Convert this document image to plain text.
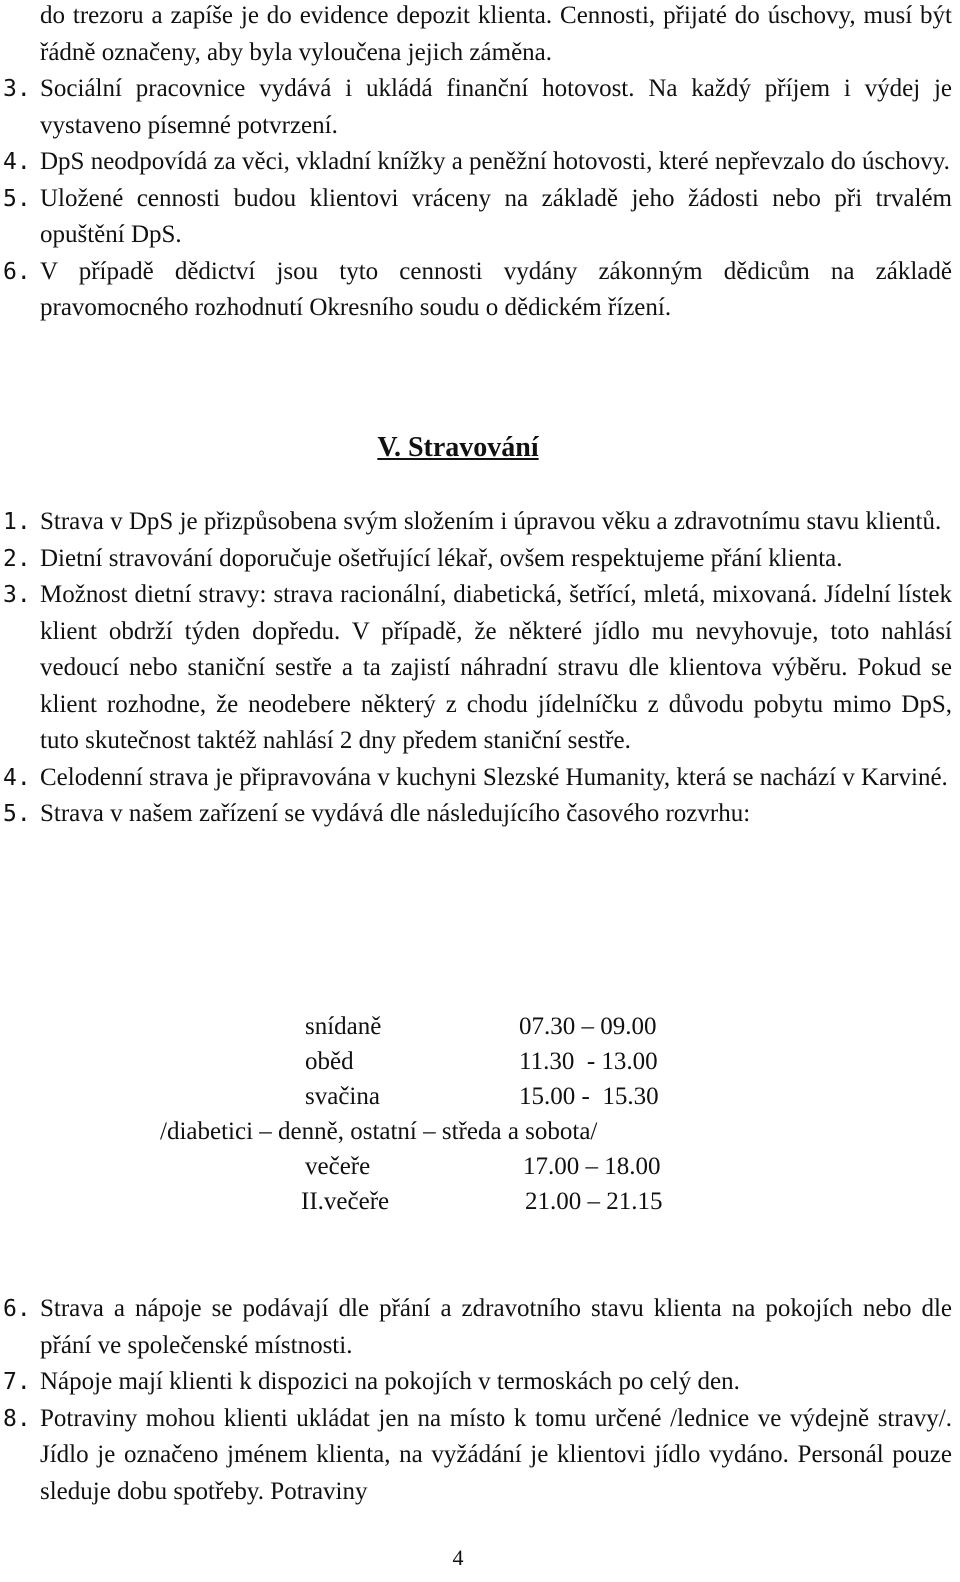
do trezoru a zapíše je do evidence depozit klienta. Cennosti, přijaté do úschovy, musí být řádně označeny, aby byla vyloučena jejich záměna.
3. Sociální pracovnice vydává i ukládá finanční hotovost. Na každý příjem i výdej je vystaveno písemné potvrzení.
4. DpS neodpovídá za věci, vkladní knížky a peněžní hotovosti, které nepřevzalo do úschovy.
5. Uložené cennosti budou klientovi vráceny na základě jeho žádosti nebo při trvalém opuštění DpS.
6. V případě dědictví jsou tyto cennosti vydány zákonným dědicům na základě pravomocného rozhodnutí Okresního soudu o dědickém řízení.
V. Stravování
1. Strava v DpS je přizpůsobena svým složením i úpravou věku a zdravotnímu stavu klientů.
2. Dietní stravování doporučuje ošetřující lékař, ovšem respektujeme přání klienta.
3. Možnost dietní stravy: strava racionální, diabetická, šetřící, mletá, mixovaná. Jídelní lístek klient obdrží týden dopředu. V případě, že některé jídlo mu nevyhovuje, toto nahlásí vedoucí nebo staniční sestře a ta zajistí náhradní stravu dle klientova výběru. Pokud se klient rozhodne, že neodebere některý z chodu jídelníčku z důvodu pobytu mimo DpS, tuto skutečnost taktéž nahlásí 2 dny předem staniční sestře.
4. Celodenní strava je připravována v kuchyni Slezské Humanity, která se nachází v Karviné.
5. Strava v našem zařízení se vydává dle následujícího časového rozvrhu:
snídaně	07.30 – 09.00
oběd	11.30  - 13.00
svačina	15.00 -  15.30
/diabetici – denně, ostatní – středa a sobota/
večeře	17.00 – 18.00
II.večeře	21.00 – 21.15
6. Strava a nápoje se podávají dle přání a zdravotního stavu klienta na pokojích nebo dle přání ve společenské místnosti.
7. Nápoje mají klienti k dispozici na pokojích v termoskách po celý den.
8. Potraviny mohou klienti ukládat jen na místo k tomu určené /lednice ve výdejně stravy/. Jídlo je označeno jménem klienta, na vyžádání je klientovi jídlo vydáno. Personál pouze sleduje dobu spotřeby. Potraviny
4
